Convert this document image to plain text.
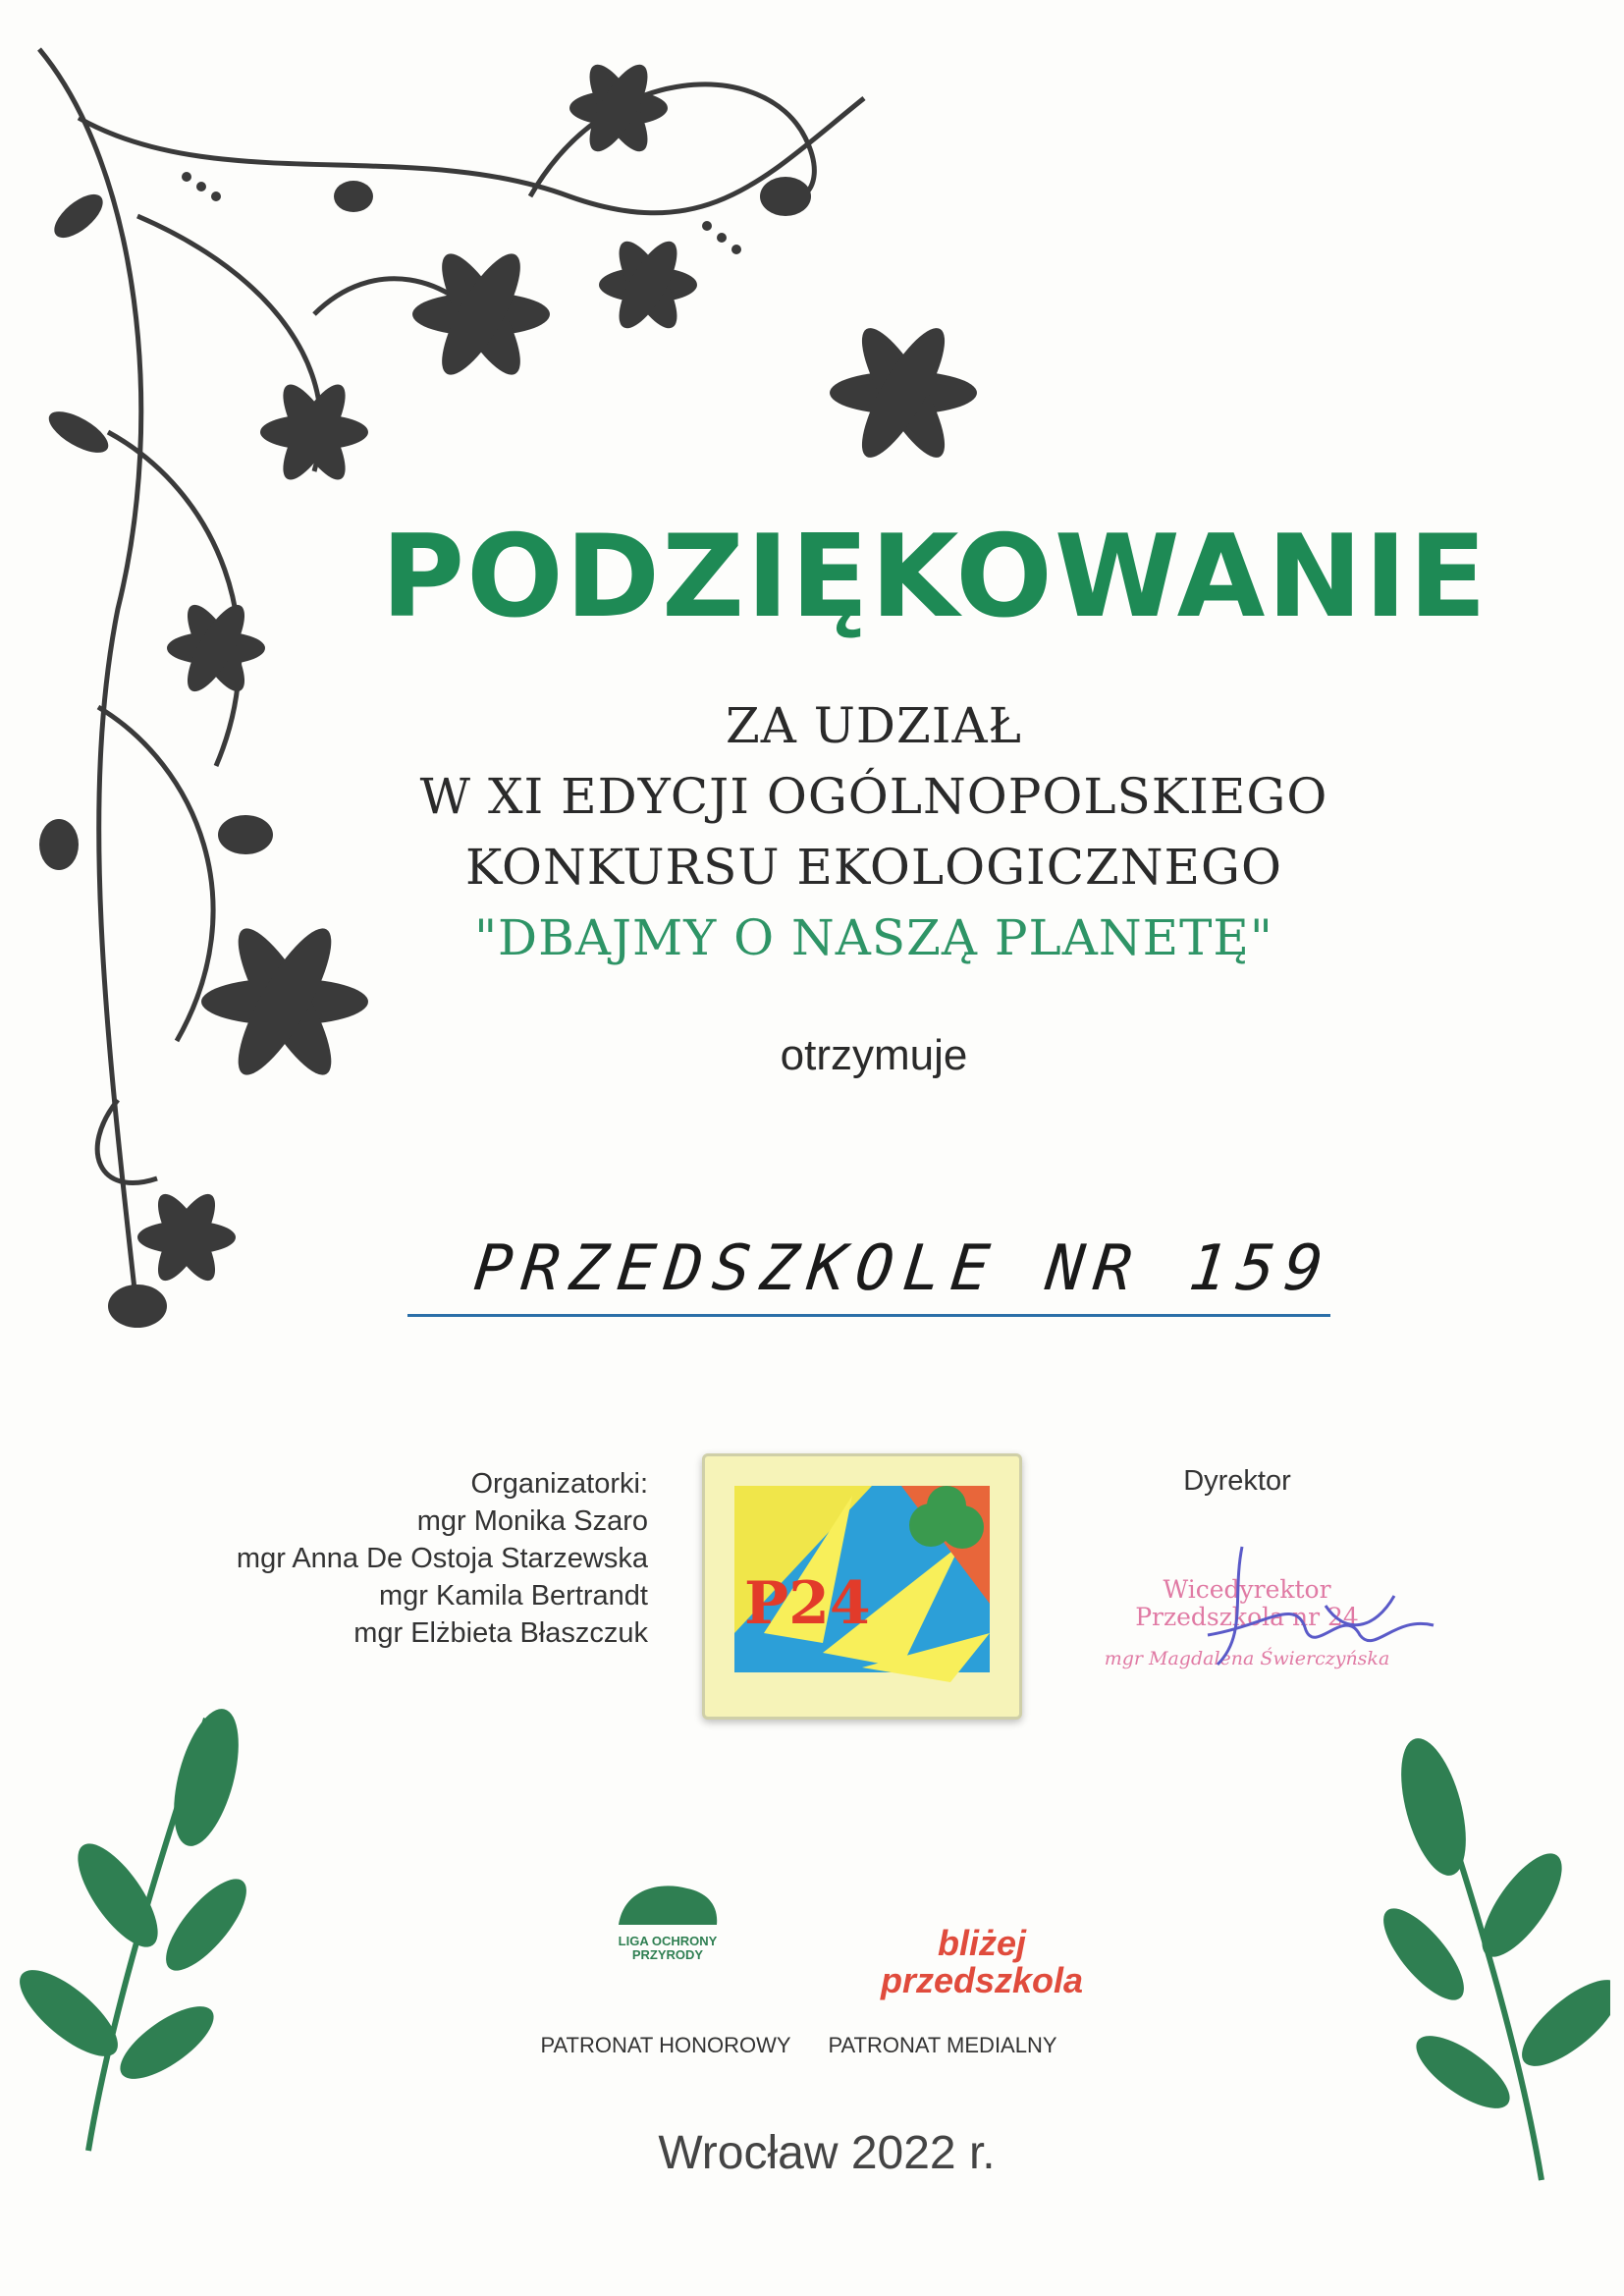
PODZIĘKOWANIE
ZA UDZIAŁ
W XI EDYCJI OGÓLNOPOLSKIEGO
KONKURSU EKOLOGICZNEGO
"DBAJMY O NASZĄ PLANETĘ"
otrzymuje
PRZEDSZKOLE NR 159
Organizatorki:
mgr Monika Szaro
mgr Anna De Ostoja Starzewska
mgr Kamila Bertrandt
mgr Elżbieta Błaszczuk P24
Dyrektor
Wicedyrektor
Przedszkola nr 24
mgr Magdalena Świerczyńska
LIGA OCHRONY PRZYRODY	bliżej przedszkola
PATRONAT HONOROWY	PATRONAT MEDIALNY
Wrocław 2022 r.
